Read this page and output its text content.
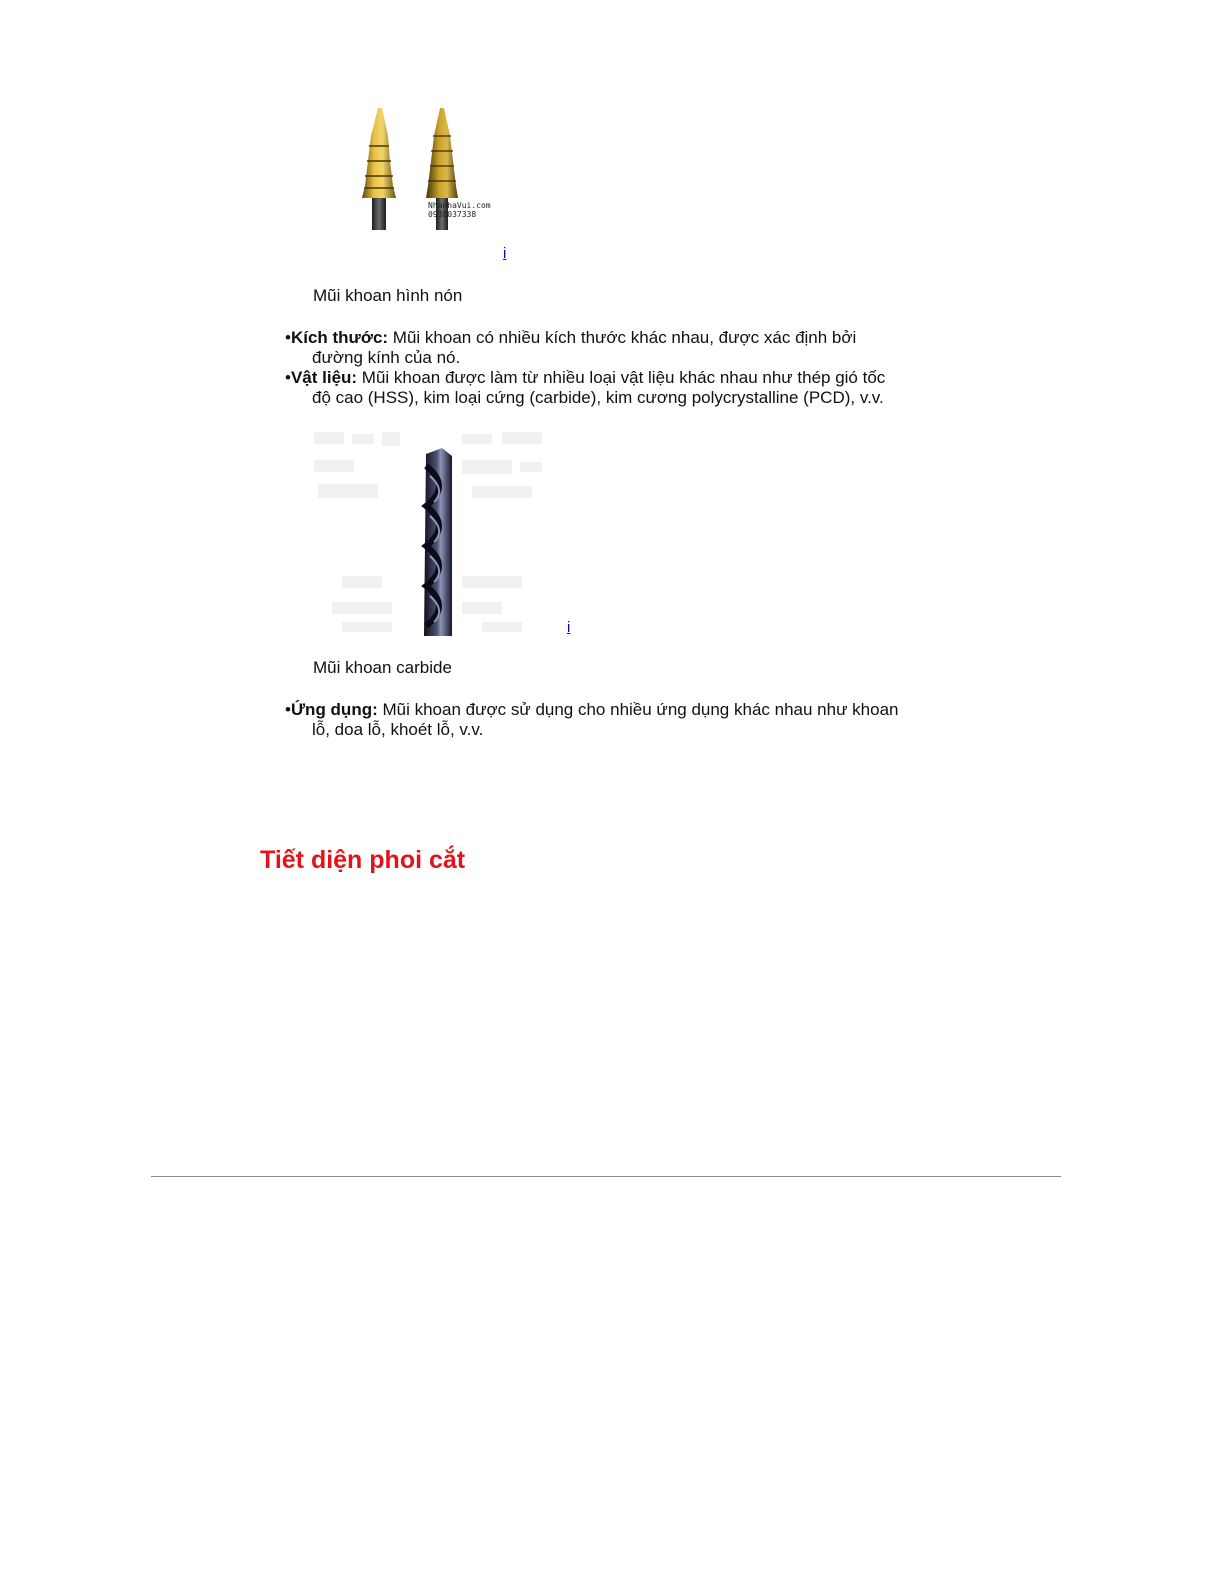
NhanhaVui.com
0938037338
i
Mũi khoan hình nón
•Kích thước: Mũi khoan có nhiều kích thước khác nhau, được xác định bởi
đường kính của nó.
•Vật liệu: Mũi khoan được làm từ nhiều loại vật liệu khác nhau như thép gió tốc
độ cao (HSS), kim loại cứng (carbide), kim cương polycrystalline (PCD), v.v.
i
Mũi khoan carbide
•Ứng dụng: Mũi khoan được sử dụng cho nhiều ứng dụng khác nhau như khoan
lỗ, doa lỗ, khoét lỗ, v.v.
Tiết diện phoi cắt
